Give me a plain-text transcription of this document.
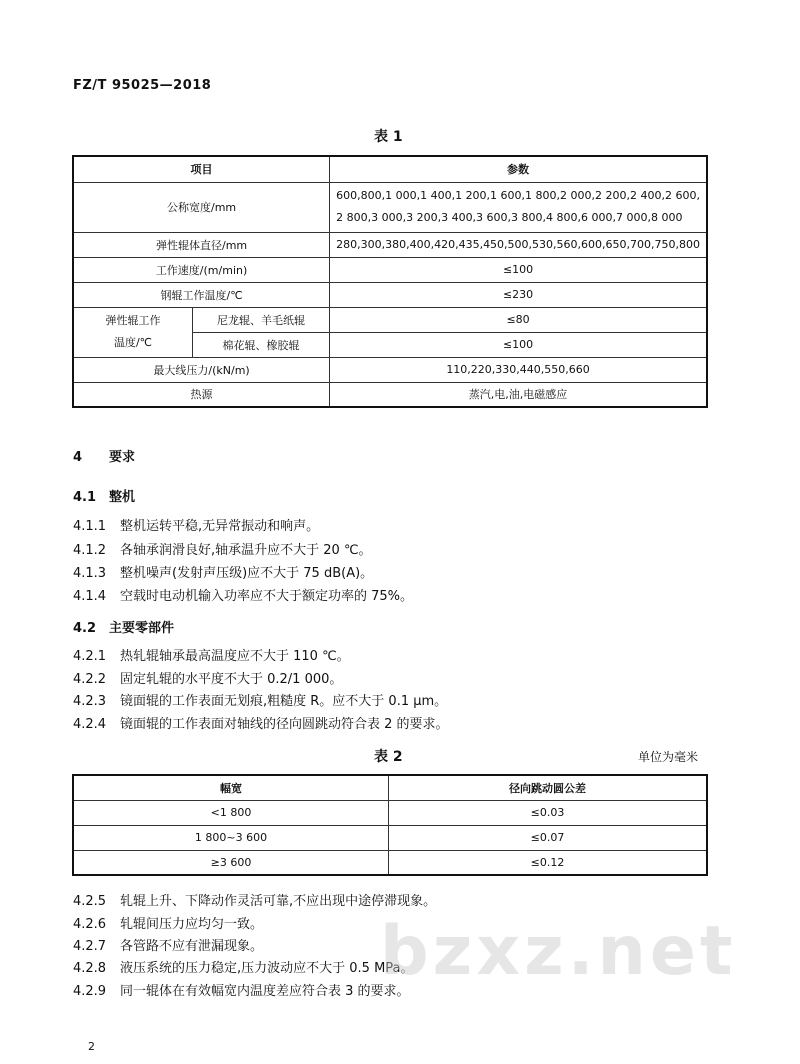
FZ/T 95025—2018
表 1
项目		参数
公称宽度/mm		600,800,1 000,1 400,1 200,1 600,1 800,2 000,2 200,2 400,2 600,
2 800,3 000,3 200,3 400,3 600,3 800,4 800,6 000,7 000,8 000

弹性辊体直径/mm		280,300,380,400,420,435,450,500,530,560,600,650,700,750,800
工作速度/(m/min)		≤100
钢辊工作温度/℃		≤230

弹性辊工作
温度/℃	尼龙辊、羊毛纸辊	≤80
	棉花辊、橡胶辊	≤100
最大线压力/(kN/m)		110,220,330,440,550,660
热源		蒸汽,电,油,电磁感应
4 要求
4.1 整机
4.1.1 整机运转平稳,无异常振动和响声。
4.1.2 各轴承润滑良好,轴承温升应不大于 20 ℃。
4.1.3 整机噪声(发射声压级)应不大于 75 dB(A)。
4.1.4 空载时电动机输入功率应不大于额定功率的 75%。
4.2 主要零部件
4.2.1 热轧辊轴承最高温度应不大于 110 ℃。
4.2.2 固定轧辊的水平度不大于 0.2/1 000。
4.2.3 镜面辊的工作表面无划痕,粗糙度 R。应不大于 0.1 μm。
4.2.4 镜面辊的工作表面对轴线的径向圆跳动符合表 2 的要求。
表 2	单位为毫米
幅宽	径向跳动圆公差
<1 800	≤0.03
1 800~3 600	≤0.07
≥3 600	≤0.12
4.2.5 轧辊上升、下降动作灵活可靠,不应出现中途停滞现象。
4.2.6 轧辊间压力应均匀一致。
4.2.7 各管路不应有泄漏现象。
4.2.8 液压系统的压力稳定,压力波动应不大于 0.5 MPa。
4.2.9 同一辊体在有效幅宽内温度差应符合表 3 的要求。
bzxz.net
2
